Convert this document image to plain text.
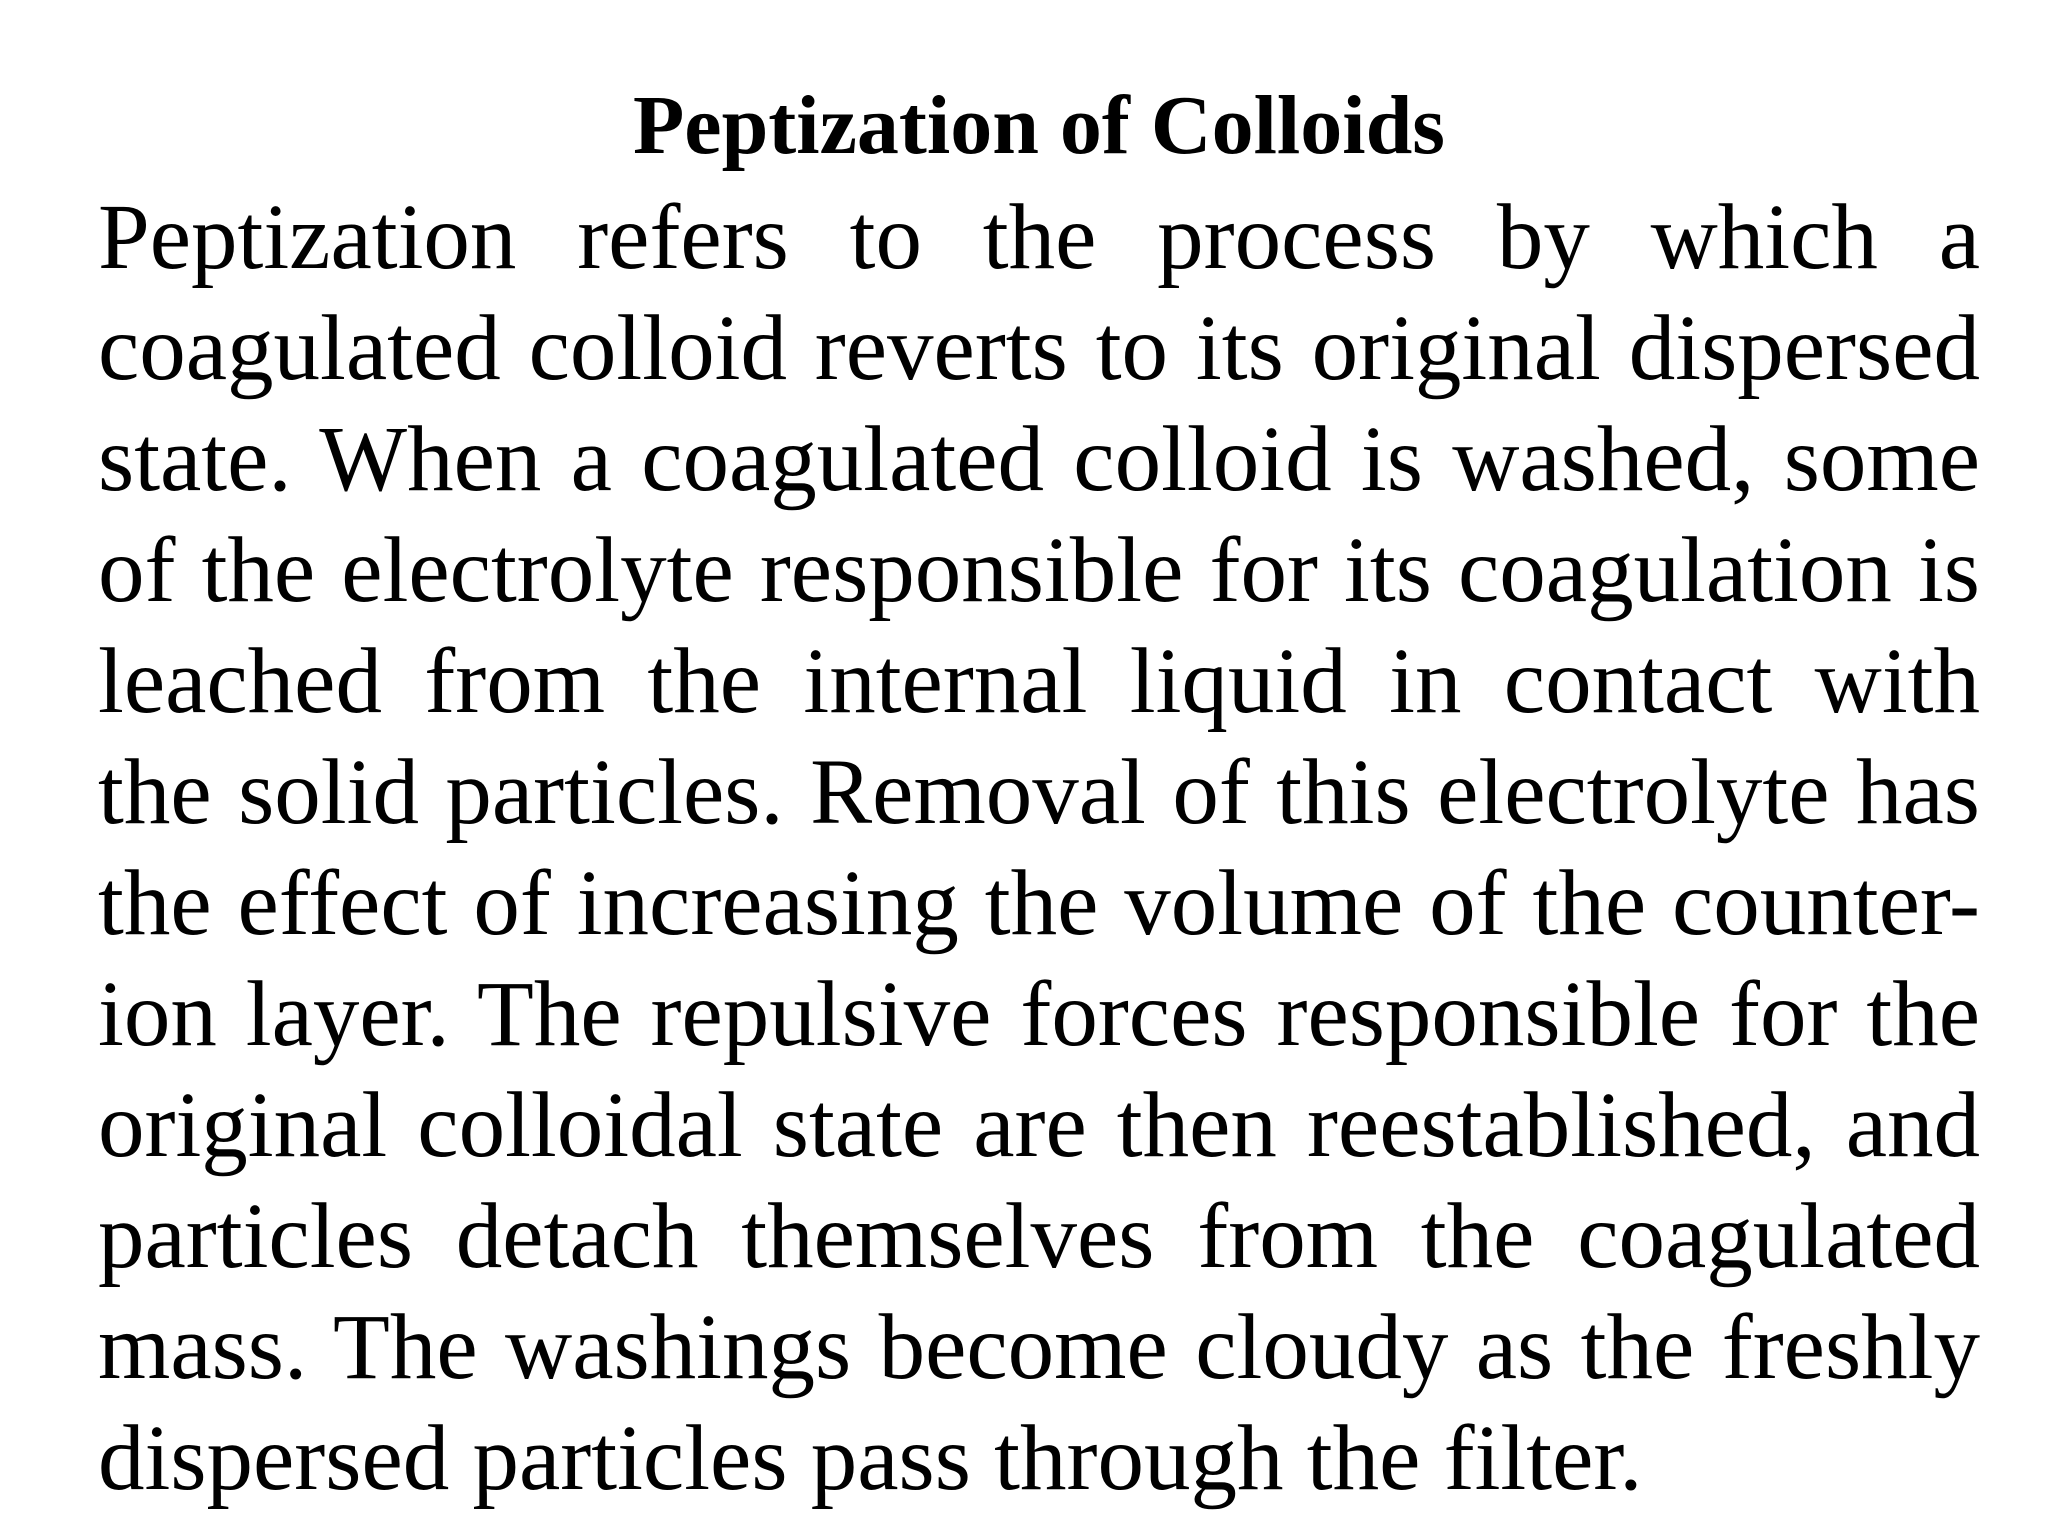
Peptization of Colloids

Peptization refers to the process by which a coagulated colloid reverts to its original dispersed state. When a coagulated colloid is washed, some of the electrolyte responsible for its coagulation is leached from the internal liquid in contact with the solid particles. Removal of this electrolyte has the effect of increasing the volume of the counter-ion layer. The repulsive forces responsible for the original colloidal state are then reestablished, and particles detach themselves from the coagulated mass. The washings become cloudy as the freshly dispersed particles pass through the filter.
